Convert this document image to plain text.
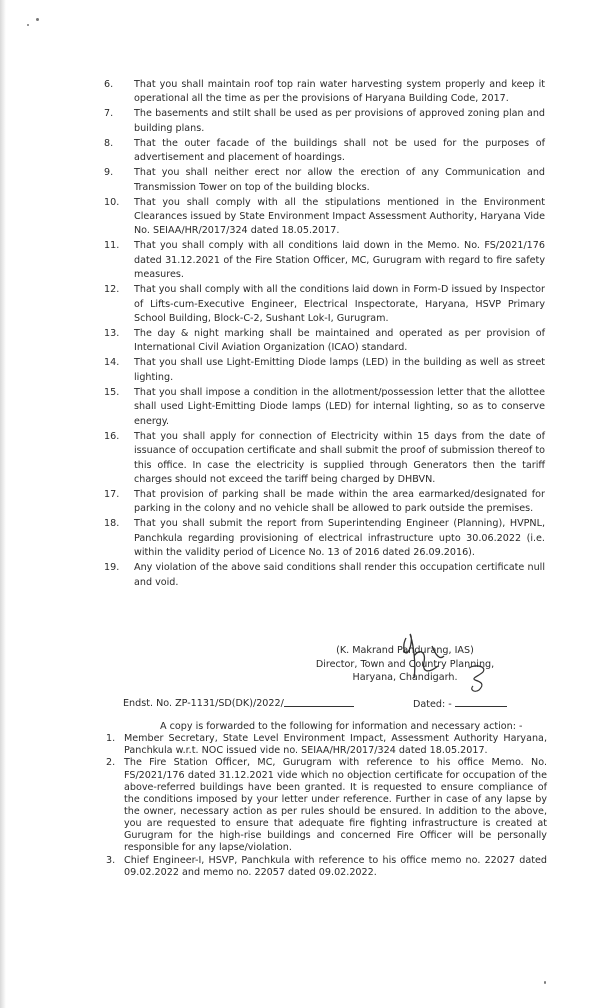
6.	That you shall maintain roof top rain water harvesting system properly and keep it operational all the time as per the provisions of Haryana Building Code, 2017.
7.	The basements and stilt shall be used as per provisions of approved zoning plan and building plans.
8.	That the outer facade of the buildings shall not be used for the purposes of advertisement and placement of hoardings.
9.	That you shall neither erect nor allow the erection of any Communication and Transmission Tower on top of the building blocks.
10.	That you shall comply with all the stipulations mentioned in the Environment Clearances issued by State Environment Impact Assessment Authority, Haryana Vide No. SEIAA/HR/2017/324 dated 18.05.2017.
11.	That you shall comply with all conditions laid down in the Memo. No. FS/2021/176 dated 31.12.2021 of the Fire Station Officer, MC, Gurugram with regard to fire safety measures.
12.	That you shall comply with all the conditions laid down in Form-D issued by Inspector of Lifts-cum-Executive Engineer, Electrical Inspectorate, Haryana, HSVP Primary School Building, Block-C-2, Sushant Lok-I, Gurugram.
13.	The day & night marking shall be maintained and operated as per provision of International Civil Aviation Organization (ICAO) standard.
14.	That you shall use Light-Emitting Diode lamps (LED) in the building as well as street lighting.
15.	That you shall impose a condition in the allotment/possession letter that the allottee shall used Light-Emitting Diode lamps (LED) for internal lighting, so as to conserve energy.
16.	That you shall apply for connection of Electricity within 15 days from the date of issuance of occupation certificate and shall submit the proof of submission thereof to this office. In case the electricity is supplied through Generators then the tariff charges should not exceed the tariff being charged by DHBVN.
17.	That provision of parking shall be made within the area earmarked/designated for parking in the colony and no vehicle shall be allowed to park outside the premises.
18.	That you shall submit the report from Superintending Engineer (Planning), HVPNL, Panchkula regarding provisioning of electrical infrastructure upto 30.06.2022 (i.e. within the validity period of Licence No. 13 of 2016 dated 26.09.2016).
19.	Any violation of the above said conditions shall render this occupation certificate null and void.
(K. Makrand Pandurang, IAS)
Director, Town and Country Planning,
Haryana, Chandigarh.
Endst. No. ZP-1131/SD(DK)/2022/	Dated: -
A copy is forwarded to the following for information and necessary action: -
1. Member Secretary, State Level Environment Impact, Assessment Authority Haryana, Panchkula w.r.t. NOC issued vide no. SEIAA/HR/2017/324 dated 18.05.2017.
2. The Fire Station Officer, MC, Gurugram with reference to his office Memo. No. FS/2021/176 dated 31.12.2021 vide which no objection certificate for occupation of the above-referred buildings have been granted. It is requested to ensure compliance of the conditions imposed by your letter under reference. Further in case of any lapse by the owner, necessary action as per rules should be ensured. In addition to the above, you are requested to ensure that adequate fire fighting infrastructure is created at Gurugram for the high-rise buildings and concerned Fire Officer will be personally responsible for any lapse/violation.
3. Chief Engineer-I, HSVP, Panchkula with reference to his office memo no. 22027 dated 09.02.2022 and memo no. 22057 dated 09.02.2022.
